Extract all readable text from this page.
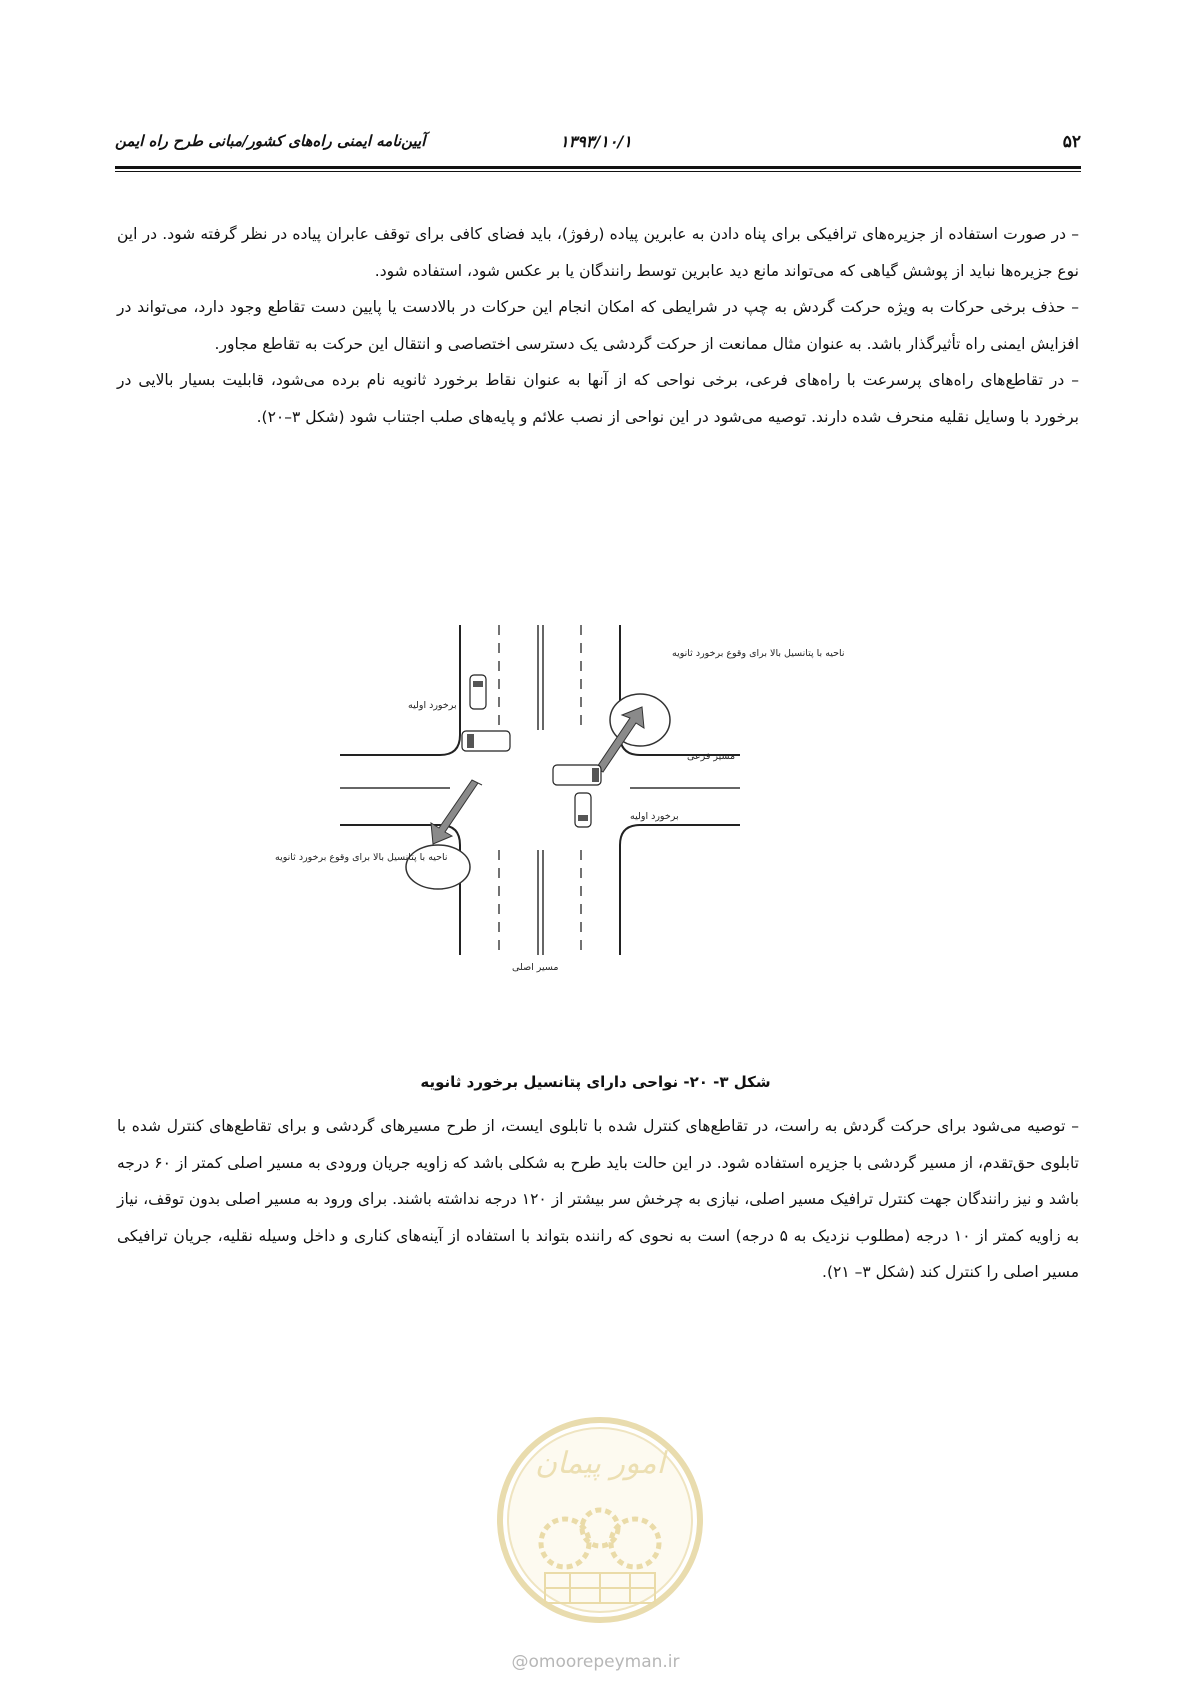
۵۲
۱۳۹۳/۱۰/۱
آیین‌نامه ایمنی راه‌های کشور/مبانی طرح راه ایمن

– در صورت استفاده از جزیره‌های ترافیکی برای پناه دادن به عابرین پیاده (رفوژ)، باید فضای کافی برای توقف عابران پیاده در نظر گرفته شود. در این نوع جزیره‌ها نباید از پوشش گیاهی که می‌تواند مانع دید عابرین توسط رانندگان یا بر عکس شود، استفاده شود.

– حذف برخی حرکات به ویژه حرکت گردش به چپ در شرایطی که امکان انجام این حرکات در بالادست یا پایین دست تقاطع وجود دارد، می‌تواند در افزایش ایمنی راه تأثیرگذار باشد. به عنوان مثال ممانعت از حرکت گردشی یک دسترسی اختصاصی و انتقال این حرکت به تقاطع مجاور.

– در تقاطع‌های راه‌های پرسرعت با راه‌های فرعی، برخی نواحی که از آنها به عنوان نقاط برخورد ثانویه نام برده می‌شود، قابلیت بسیار بالایی در برخورد با وسایل نقلیه منحرف شده دارند. توصیه می‌شود در این نواحی از نصب علائم و پایه‌های صلب اجتناب شود (شکل ۳–۲۰).

ناحیه با پتانسیل بالا برای وقوع برخورد ثانویه
ناحیه با پتانسیل بالا برای وقوع برخورد ثانویه
برخورد اولیه
برخورد اولیه
مسیر فرعی
مسیر اصلی
شکل ۳- ۲۰- نواحی دارای پتانسیل برخورد ثانویه

– توصیه می‌شود برای حرکت گردش به راست، در تقاطع‌های کنترل شده با تابلوی ایست، از طرح مسیرهای گردشی و برای تقاطع‌های کنترل شده با تابلوی حق‌تقدم، از مسیر گردشی با جزیره استفاده شود. در این حالت باید طرح به شکلی باشد که زاویه جریان ورودی به مسیر اصلی کمتر از ۶۰ درجه باشد و نیز رانندگان جهت کنترل ترافیک مسیر اصلی، نیازی به چرخش سر بیشتر از ۱۲۰ درجه نداشته باشند. برای ورود به مسیر اصلی بدون توقف، نیاز به زاویه کمتر از ۱۰ درجه (مطلوب نزدیک به ۵ درجه) است به نحوی که راننده بتواند با استفاده از آینه‌های کناری و داخل وسیله نقلیه، جریان ترافیکی مسیر اصلی را کنترل کند (شکل ۳– ۲۱).

امور پیمان
@omoorepeyman.ir
